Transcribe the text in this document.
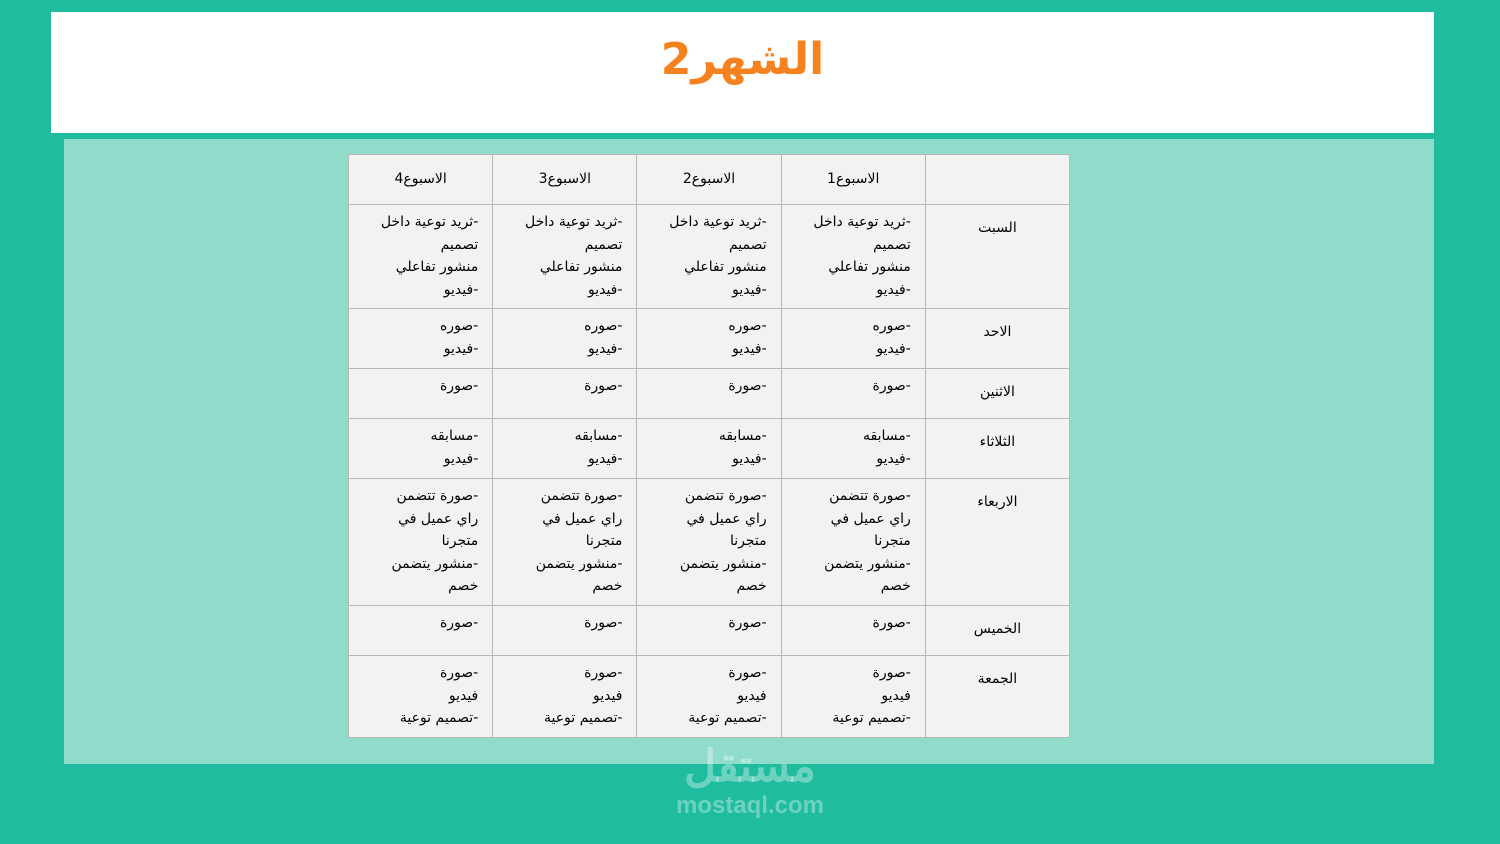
الشهر2
	الاسبوع1	الاسبوع2	الاسبوع3	الاسبوع4
السبت	-ثريد توعية داخل
تصميم
منشور تفاعلي
-فيديو	-ثريد توعية داخل
تصميم
منشور تفاعلي
-فيديو	-ثريد توعية داخل
تصميم
منشور تفاعلي
-فيديو	-ثريد توعية داخل
تصميم
منشور تفاعلي
-فيديو

الاحد	-صوره
-فيديو	-صوره
-فيديو	-صوره
-فيديو	-صوره
-فيديو

الاثنين	-صورة	-صورة	-صورة	-صورة

الثلاثاء	-مسابقه
-فيديو	-مسابقه
-فيديو	-مسابقه
-فيديو	-مسابقه
-فيديو

الاربعاء	-صورة تتضمن
راي عميل في
متجرنا
-منشور يتضمن
خصم	-صورة تتضمن
راي عميل في
متجرنا
-منشور يتضمن
خصم	-صورة تتضمن
راي عميل في
متجرنا
-منشور يتضمن
خصم	-صورة تتضمن
راي عميل في
متجرنا
-منشور يتضمن
خصم

الخميس	-صورة	-صورة	-صورة	-صورة

الجمعة	-صورة
فيديو
-تصميم توعية	-صورة
فيديو
-تصميم توعية	-صورة
فيديو
-تصميم توعية	-صورة
فيديو
-تصميم توعية
مستقل
mostaql.com
